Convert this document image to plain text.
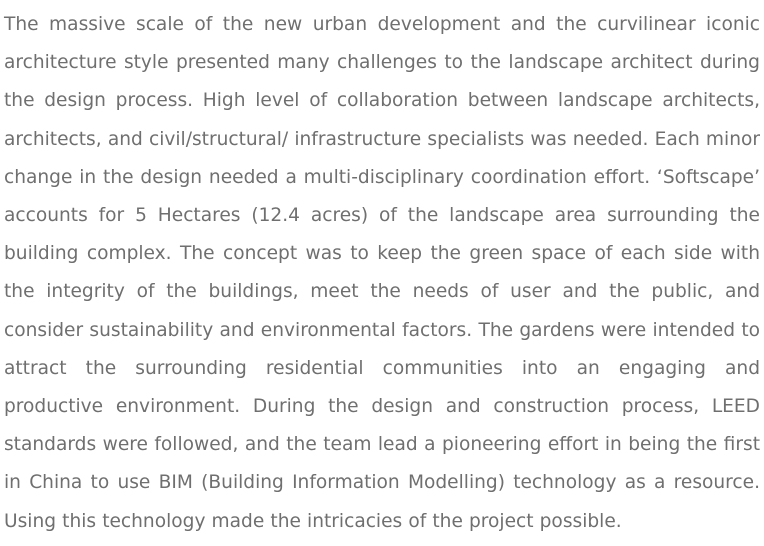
The massive scale of the new urban development and the curvilinear iconic architecture style presented many challenges to the landscape architect during the design process. High level of collaboration between landscape architects, architects, and civil/structural/ infrastructure specialists was needed. Each minor change in the design needed a multi-disciplinary coordination effort. ‘Softscape’ accounts for 5 Hectares (12.4 acres) of the landscape area surrounding the building complex. The concept was to keep the green space of each side with the integrity of the buildings, meet the needs of user and the public, and consider sustainability and environmental factors. The gardens were intended to attract the surrounding residential communities into an engaging and productive environment. During the design and construction process, LEED standards were followed, and the team lead a pioneering effort in being the first in China to use BIM (Building Information Modelling) technology as a resource. Using this technology made the intricacies of the project possible.
